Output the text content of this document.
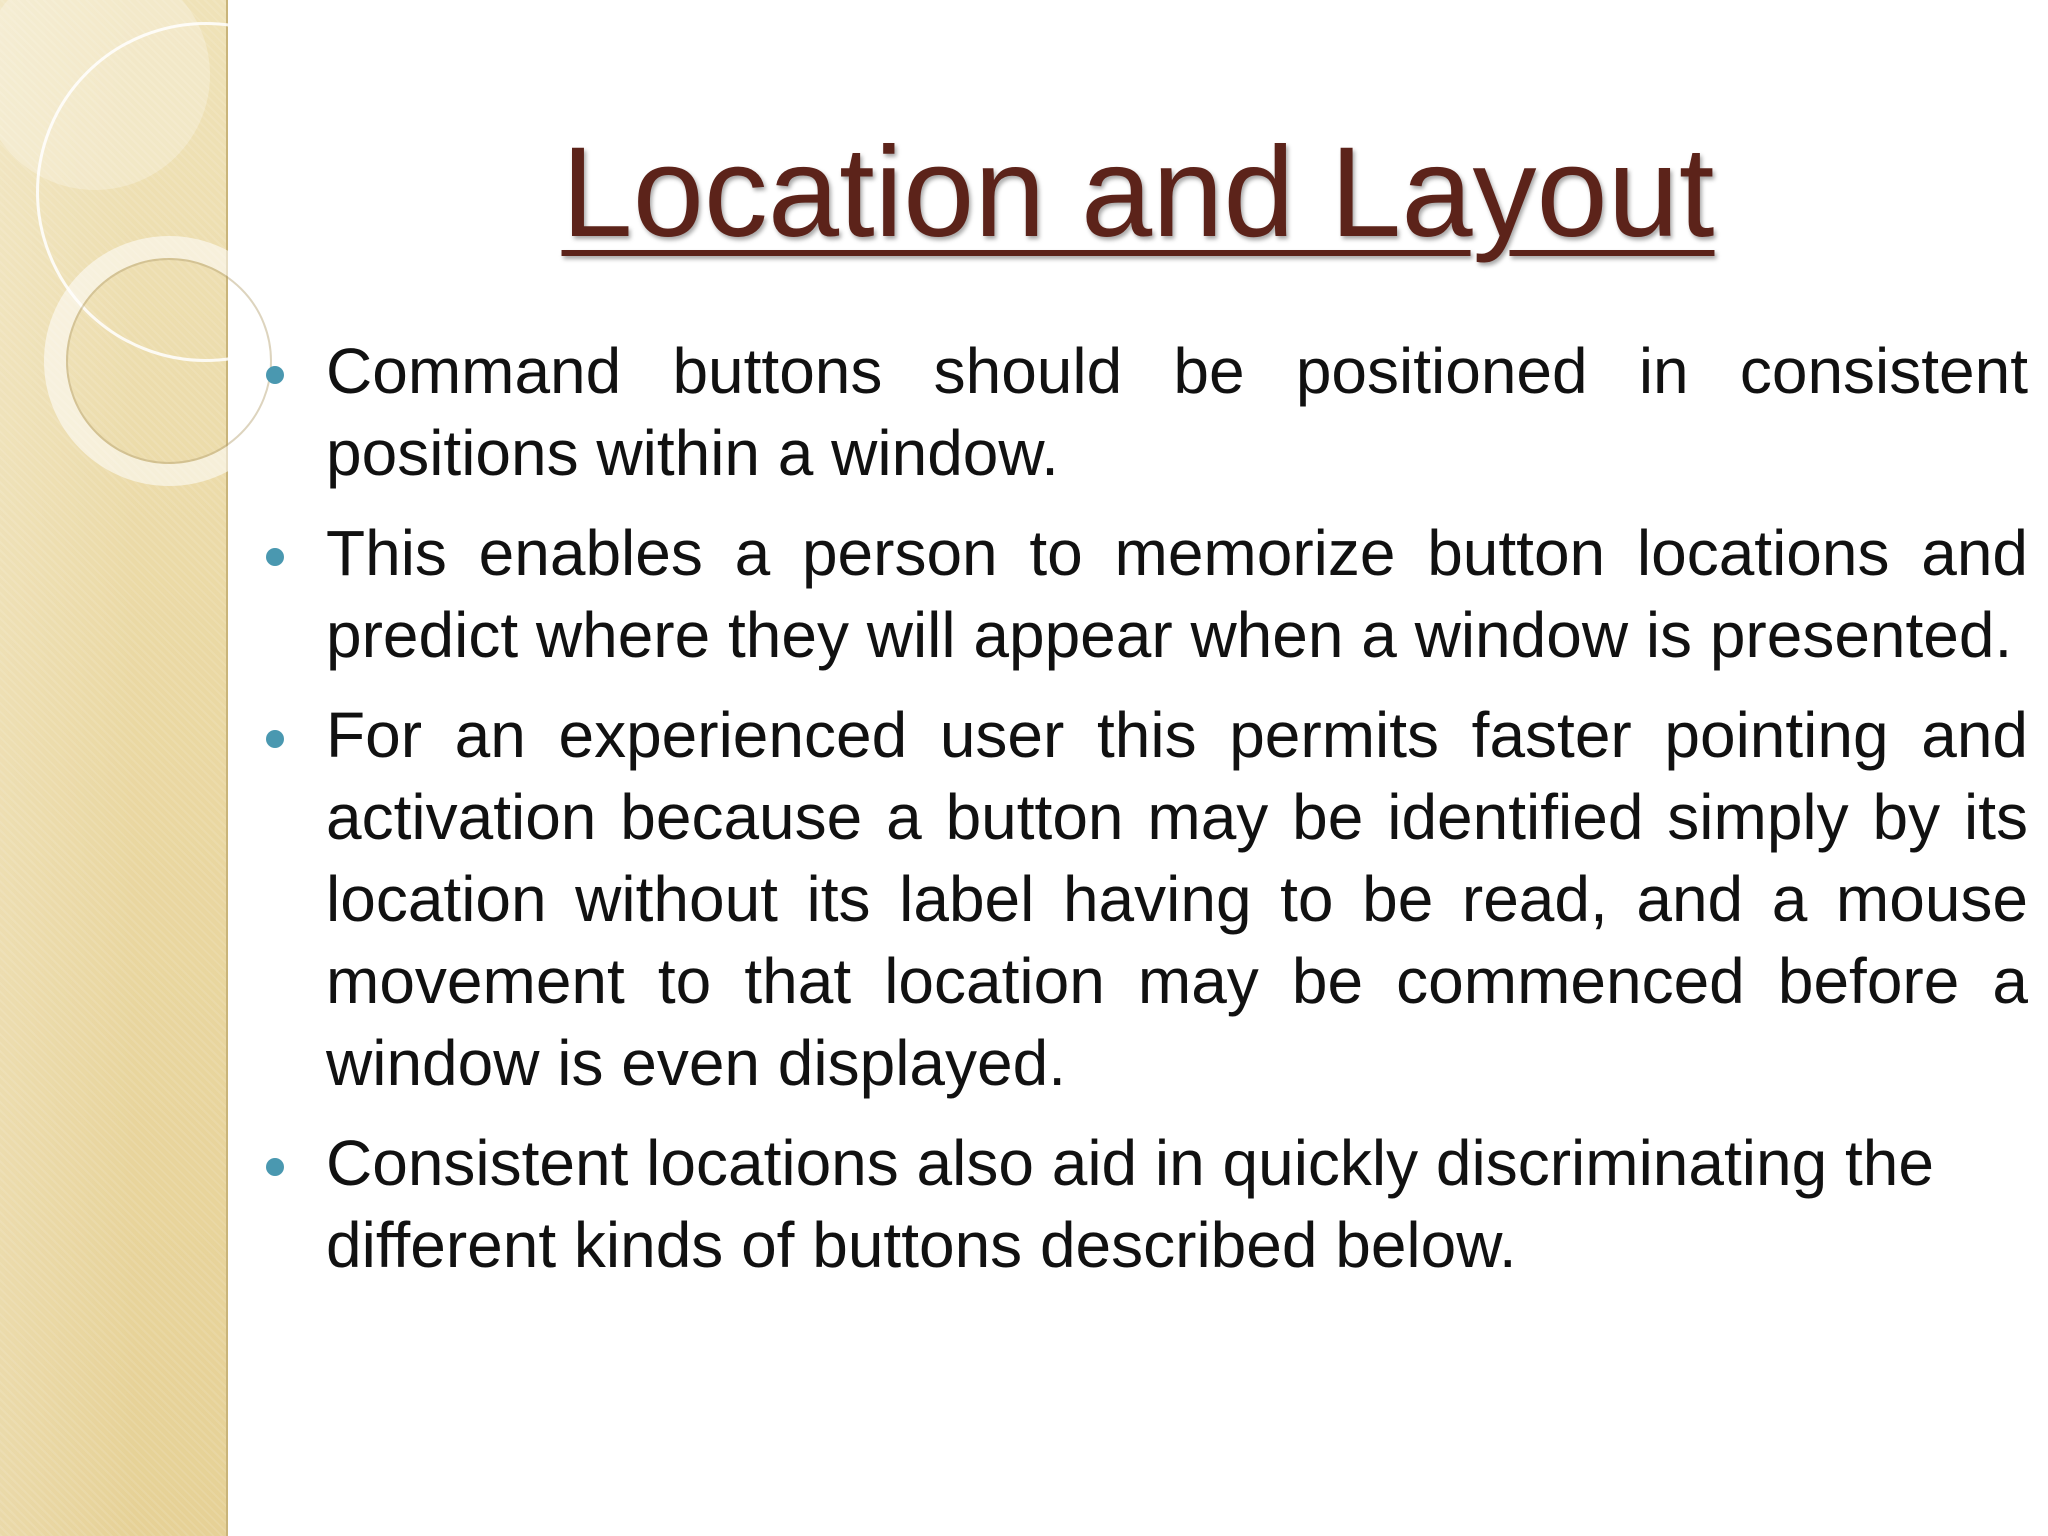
Location and Layout
Command buttons should be positioned in consistent positions within a window.
This enables a person to memorize button locations and predict where they will appear when a window is presented.
For an experienced user this permits faster pointing and activation because a button may be identified simply by its location without its label having to be read, and a mouse movement to that location may be commenced before a window is even displayed.
Consistent locations also aid in quickly discriminating the different kinds of buttons described below.
